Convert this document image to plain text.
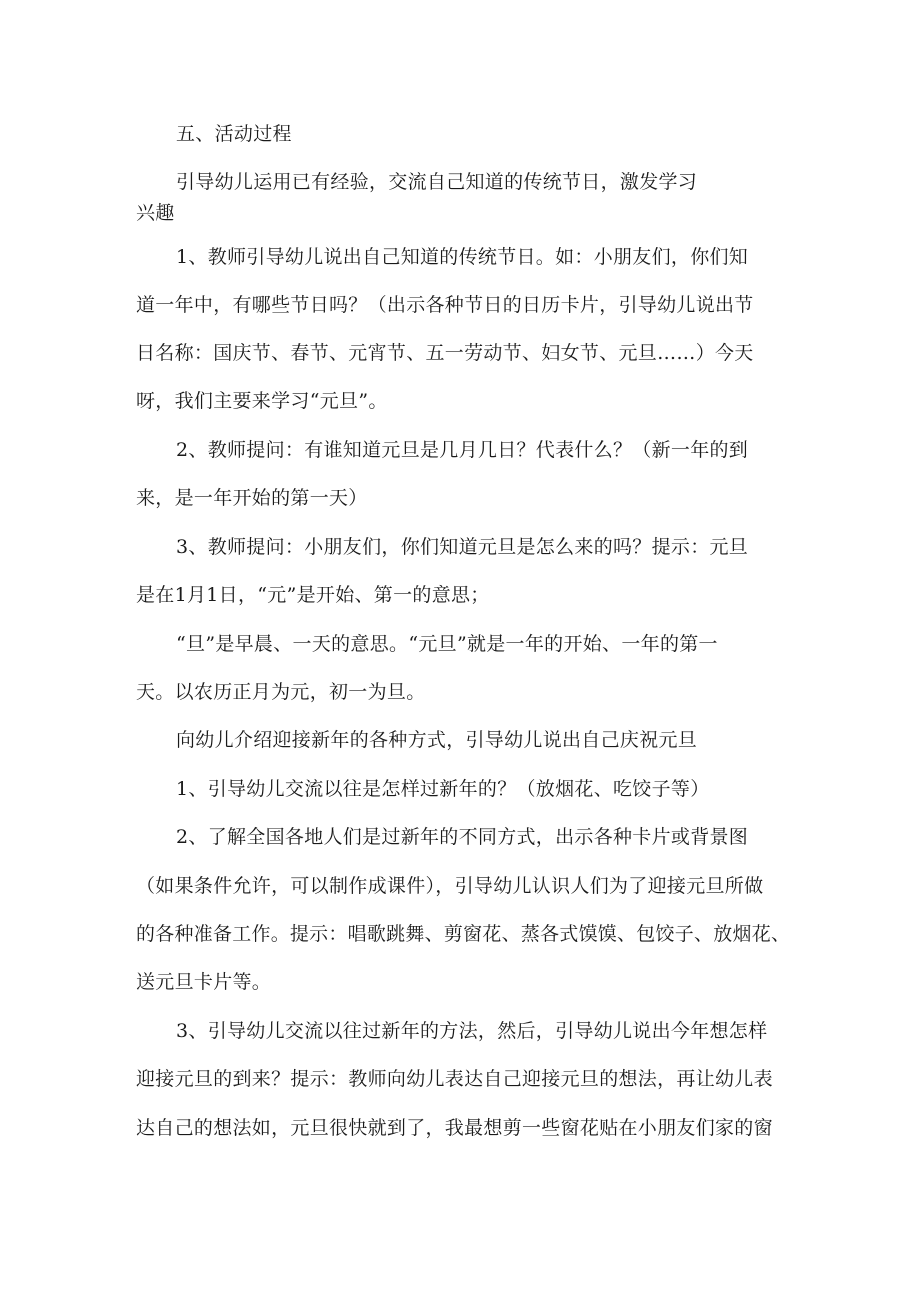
五、活动过程
引导幼儿运用已有经验，交流自己知道的传统节日，激发学习
兴趣
1、教师引导幼儿说出自己知道的传统节日。如：小朋友们，你们知
道一年中，有哪些节日吗？（出示各种节日的日历卡片，引导幼儿说出节
日名称：国庆节、春节、元宵节、五一劳动节、妇女节、元旦……）今天
呀，我们主要来学习“元旦”。
2、教师提问：有谁知道元旦是几月几日？代表什么？（新一年的到
来，是一年开始的第一天）
3、教师提问：小朋友们，你们知道元旦是怎么来的吗？提示：元旦
是在1月1日，“元”是开始、第一的意思；
“旦”是早晨、一天的意思。“元旦”就是一年的开始、一年的第一
天。以农历正月为元，初一为旦。
向幼儿介绍迎接新年的各种方式，引导幼儿说出自己庆祝元旦
1、引导幼儿交流以往是怎样过新年的？（放烟花、吃饺子等）
2、了解全国各地人们是过新年的不同方式，出示各种卡片或背景图
（如果条件允许，可以制作成课件），引导幼儿认识人们为了迎接元旦所做
的各种准备工作。提示：唱歌跳舞、剪窗花、蒸各式馍馍、包饺子、放烟花、
送元旦卡片等。
3、引导幼儿交流以往过新年的方法，然后，引导幼儿说出今年想怎样
迎接元旦的到来？提示：教师向幼儿表达自己迎接元旦的想法，再让幼儿表
达自己的想法如，元旦很快就到了，我最想剪一些窗花贴在小朋友们家的窗
